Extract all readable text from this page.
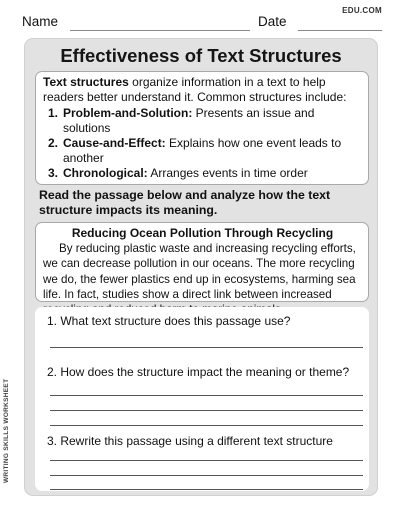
Name	Date
EDU.COM
Effectiveness of Text Structures

Text structures organize information in a text to help readers better understand it. Common structures include:

1. Problem-and-Solution: Presents an issue and solutions
2. Cause-and-Effect: Explains how one event leads to another
3. Chronological: Arranges events in time order
Read the passage below and analyze how the text structure impacts its meaning.
Reducing Ocean Pollution Through Recycling
By reducing plastic waste and increasing recycling efforts, we can decrease pollution in our oceans. The more recycling we do, the fewer plastics end up in ecosystems, harming sea life. In fact, studies show a direct link between increased
1. What text structure does this passage use?
2. How does the structure impact the meaning or theme?
3. Rewrite this passage using a different text structure
WRITING SKILLS WORKSHEET
